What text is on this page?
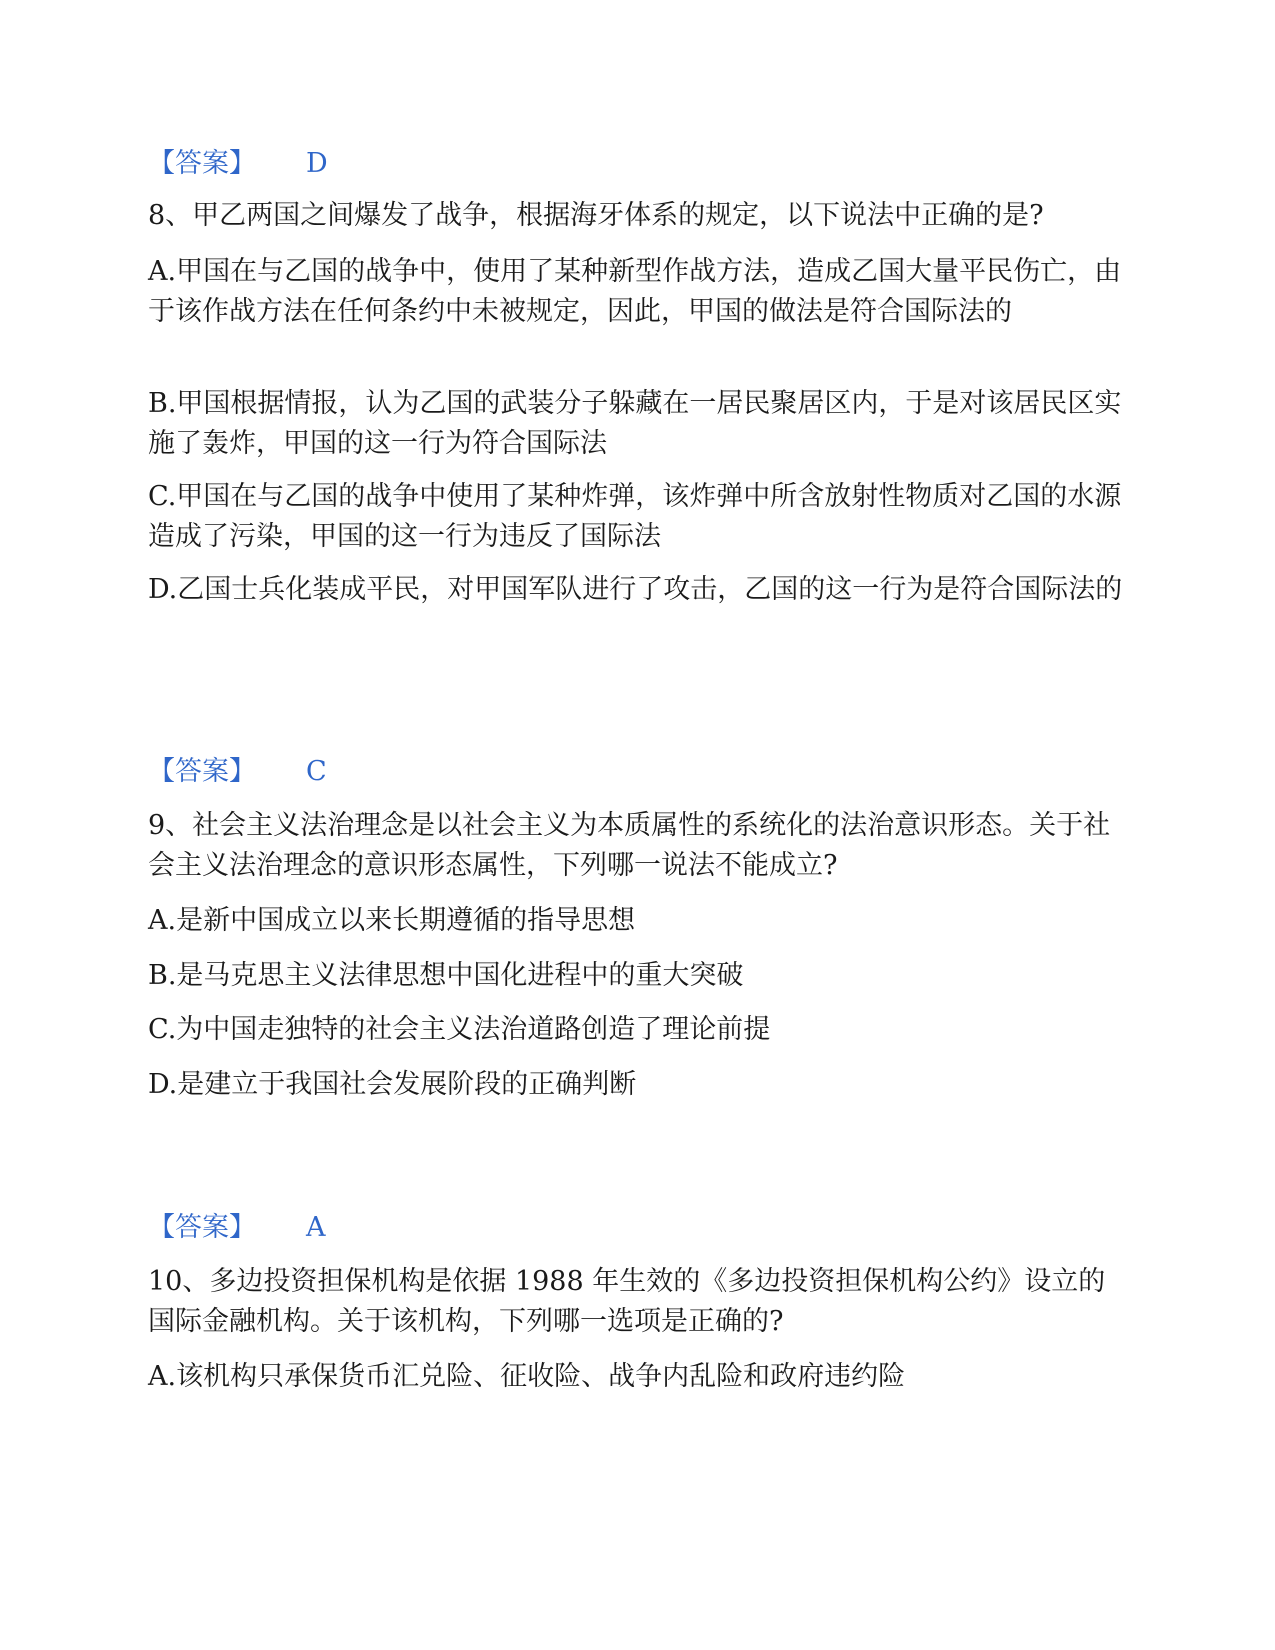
【答案】 D
8、甲乙两国之间爆发了战争，根据海牙体系的规定，以下说法中正确的是?
A.甲国在与乙国的战争中，使用了某种新型作战方法，造成乙国大量平民伤亡，由于该作战方法在任何条约中未被规定，因此，甲国的做法是符合国际法的
B.甲国根据情报，认为乙国的武装分子躲藏在一居民聚居区内，于是对该居民区实施了轰炸，甲国的这一行为符合国际法
C.甲国在与乙国的战争中使用了某种炸弹，该炸弹中所含放射性物质对乙国的水源造成了污染，甲国的这一行为违反了国际法
D.乙国士兵化装成平民，对甲国军队进行了攻击，乙国的这一行为是符合国际法的
【答案】 C
9、社会主义法治理念是以社会主义为本质属性的系统化的法治意识形态。关于社会主义法治理念的意识形态属性，下列哪一说法不能成立?
A.是新中国成立以来长期遵循的指导思想
B.是马克思主义法律思想中国化进程中的重大突破
C.为中国走独特的社会主义法治道路创造了理论前提
D.是建立于我国社会发展阶段的正确判断
【答案】 A
10、多边投资担保机构是依据 1988 年生效的《多边投资担保机构公约》设立的国际金融机构。关于该机构，下列哪一选项是正确的?
A.该机构只承保货币汇兑险、征收险、战争内乱险和政府违约险
